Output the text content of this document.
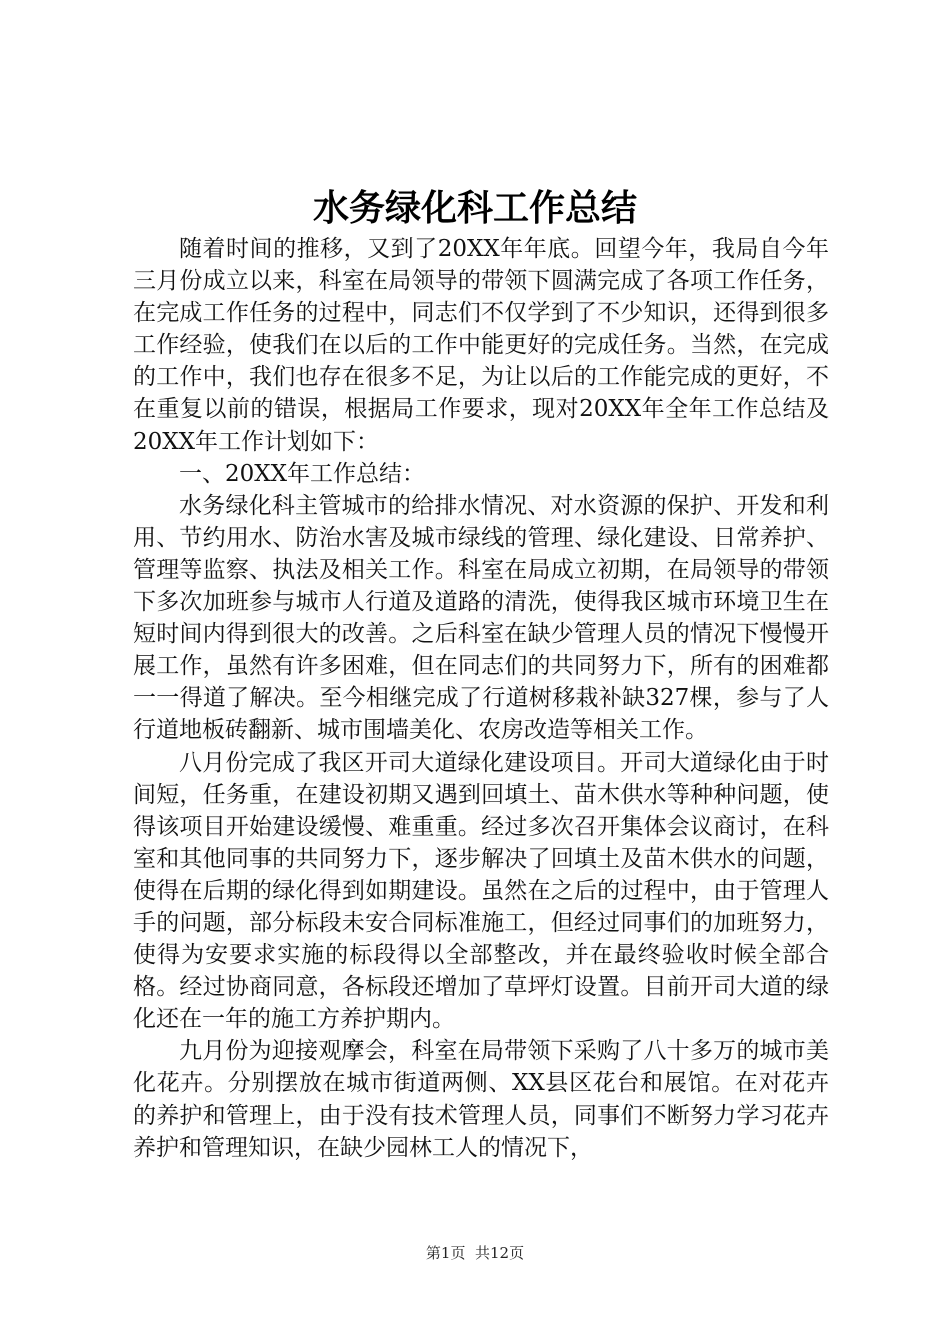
水务绿化科工作总结

随着时间的推移，又到了20XX年年底。回望今年，我局自今年三月份成立以来，科室在局领导的带领下圆满完成了各项工作任务，在完成工作任务的过程中，同志们不仅学到了不少知识，还得到很多工作经验，使我们在以后的工作中能更好的完成任务。当然，在完成的工作中，我们也存在很多不足，为让以后的工作能完成的更好，不在重复以前的错误，根据局工作要求，现对20XX年全年工作总结及20XX年工作计划如下：

一、20XX年工作总结：

水务绿化科主管城市的给排水情况、对水资源的保护、开发和利用、节约用水、防治水害及城市绿线的管理、绿化建设、日常养护、管理等监察、执法及相关工作。科室在局成立初期，在局领导的带领下多次加班参与城市人行道及道路的清洗，使得我区城市环境卫生在短时间内得到很大的改善。之后科室在缺少管理人员的情况下慢慢开展工作，虽然有许多困难，但在同志们的共同努力下，所有的困难都一一得道了解决。至今相继完成了行道树移栽补缺327棵，参与了人行道地板砖翻新、城市围墙美化、农房改造等相关工作。

八月份完成了我区开司大道绿化建设项目。开司大道绿化由于时间短，任务重，在建设初期又遇到回填土、苗木供水等种种问题，使得该项目开始建设缓慢、难重重。经过多次召开集体会议商讨，在科室和其他同事的共同努力下，逐步解决了回填土及苗木供水的问题，使得在后期的绿化得到如期建设。虽然在之后的过程中，由于管理人手的问题，部分标段未安合同标准施工，但经过同事们的加班努力，使得为安要求实施的标段得以全部整改，并在最终验收时候全部合格。经过协商同意，各标段还增加了草坪灯设置。目前开司大道的绿化还在一年的施工方养护期内。

九月份为迎接观摩会，科室在局带领下采购了八十多万的城市美化花卉。分别摆放在城市街道两侧、XX县区花台和展馆。在对花卉的养护和管理上，由于没有技术管理人员，同事们不断努力学习花卉养护和管理知识，在缺少园林工人的情况下，

第1页 共12页
